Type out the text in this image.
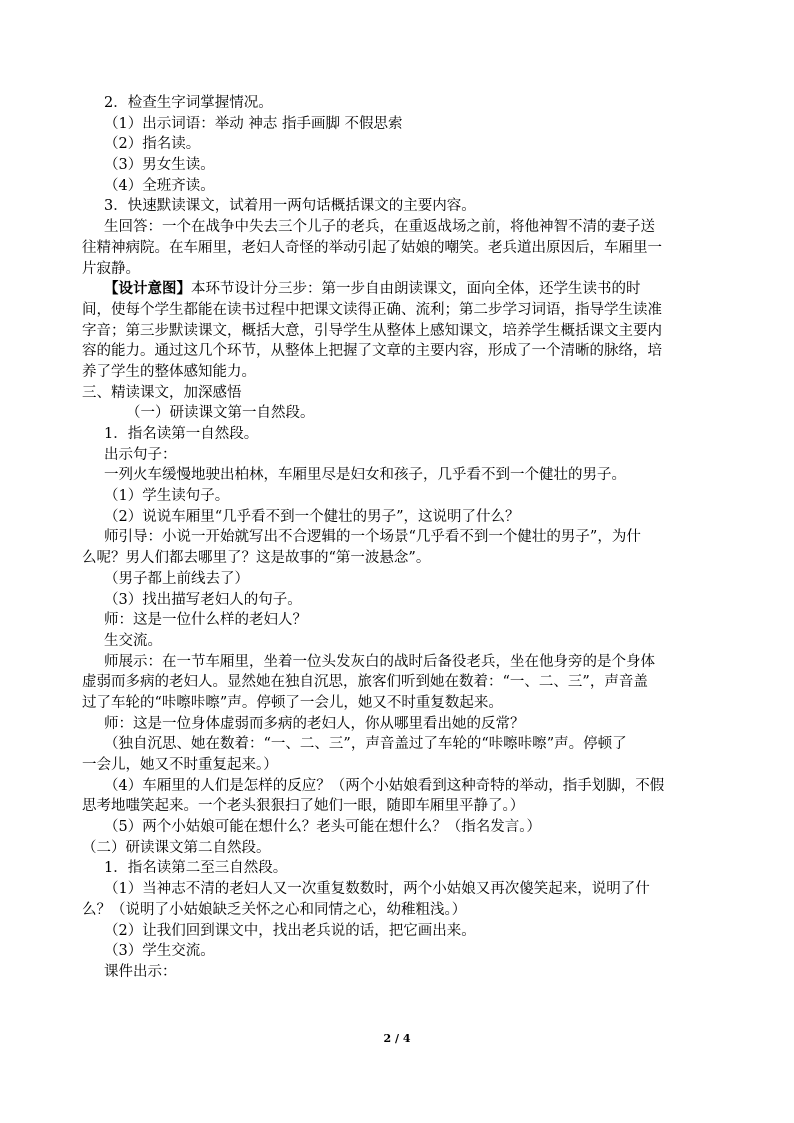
2．检查生字词掌握情况。
（1）出示词语：举动 神志 指手画脚 不假思索
（2）指名读。
（3）男女生读。
（4）全班齐读。
3．快速默读课文，试着用一两句话概括课文的主要内容。
生回答：一个在战争中失去三个儿子的老兵，在重返战场之前，将他神智不清的妻子送
往精神病院。在车厢里，老妇人奇怪的举动引起了姑娘的嘲笑。老兵道出原因后，车厢里一
片寂静。
【设计意图】本环节设计分三步：第一步自由朗读课文，面向全体，还学生读书的时
间，使每个学生都能在读书过程中把课文读得正确、流利；第二步学习词语，指导学生读准
字音；第三步默读课文，概括大意，引导学生从整体上感知课文，培养学生概括课文主要内
容的能力。通过这几个环节，从整体上把握了文章的主要内容，形成了一个清晰的脉络，培
养了学生的整体感知能力。
三、精读课文，加深感悟
（一）研读课文第一自然段。
1．指名读第一自然段。
出示句子：
一列火车缓慢地驶出柏林，车厢里尽是妇女和孩子，几乎看不到一个健壮的男子。
（1）学生读句子。
（2）说说车厢里“几乎看不到一个健壮的男子”，这说明了什么？
师引导：小说一开始就写出不合逻辑的一个场景“几乎看不到一个健壮的男子”，为什
么呢？男人们都去哪里了？这是故事的“第一波悬念”。
（男子都上前线去了）
（3）找出描写老妇人的句子。
师：这是一位什么样的老妇人？
生交流。
师展示：在一节车厢里，坐着一位头发灰白的战时后备役老兵，坐在他身旁的是个身体
虚弱而多病的老妇人。显然她在独自沉思，旅客们听到她在数着：“一、二、三”，声音盖
过了车轮的“咔嚓咔嚓”声。停顿了一会儿，她又不时重复数起来。
师：这是一位身体虚弱而多病的老妇人，你从哪里看出她的反常？
（独自沉思、她在数着：“一、二、三”，声音盖过了车轮的“咔嚓咔嚓”声。停顿了
一会儿，她又不时重复起来。）
（4）车厢里的人们是怎样的反应？（两个小姑娘看到这种奇特的举动，指手划脚，不假
思考地嗤笑起来。一个老头狠狠扫了她们一眼，随即车厢里平静了。）
（5）两个小姑娘可能在想什么？老头可能在想什么？（指名发言。）
（二）研读课文第二自然段。
1．指名读第二至三自然段。
（1）当神志不清的老妇人又一次重复数数时，两个小姑娘又再次傻笑起来，说明了什
么？（说明了小姑娘缺乏关怀之心和同情之心，幼稚粗浅。）
（2）让我们回到课文中，找出老兵说的话，把它画出来。
（3）学生交流。
课件出示：
2 / 4
